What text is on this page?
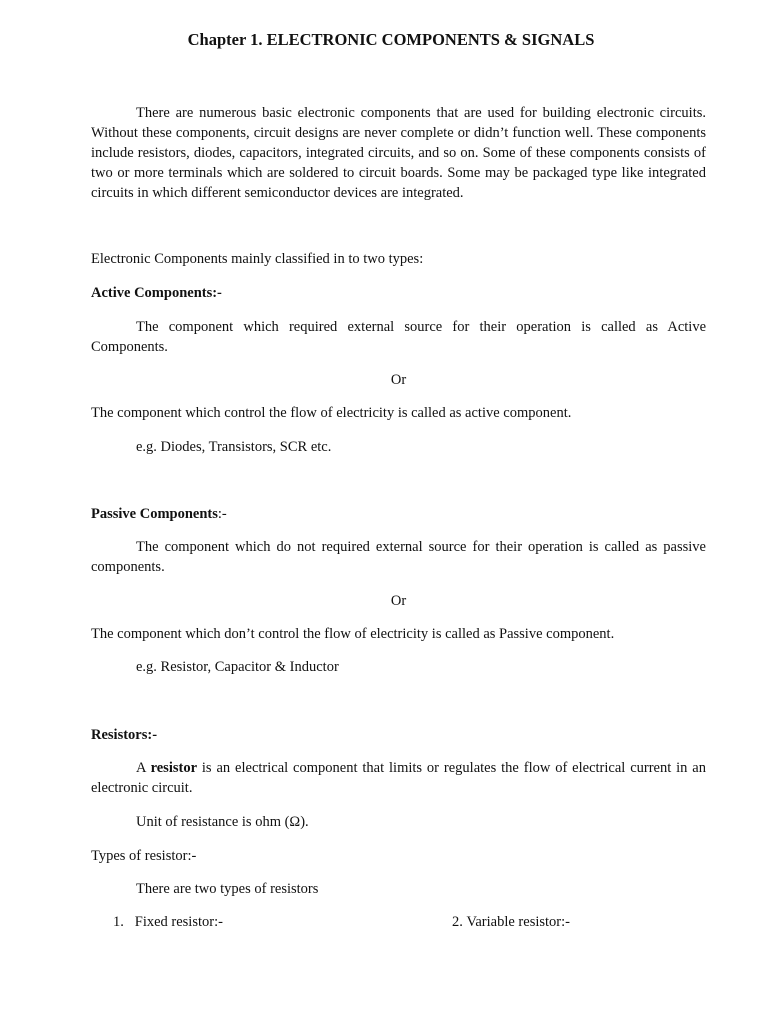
Chapter 1. ELECTRONIC COMPONENTS & SIGNALS

There are numerous basic electronic components that are used for building electronic circuits. Without these components, circuit designs are never complete or didn’t function well. These components include resistors, diodes, capacitors, integrated circuits, and so on. Some of these components consists of two or more terminals which are soldered to circuit boards. Some may be packaged type like integrated circuits in which different semiconductor devices are integrated.

Electronic Components mainly classified in to two types:

Active Components:-

The component which required external source for their operation is called as Active Components.

Or

The component which control the flow of electricity is called as active component.

e.g. Diodes, Transistors, SCR etc.

Passive Components:-

The component which do not required external source for their operation is called as passive components.

Or

The component which don’t control the flow of electricity is called as Passive component.

e.g. Resistor, Capacitor & Inductor

Resistors:-

A resistor is an electrical component that limits or regulates the flow of electrical current in an electronic circuit.

Unit of resistance is ohm (Ω).

Types of resistor:-

There are two types of resistors

1. Fixed resistor:-	2. Variable resistor:-
